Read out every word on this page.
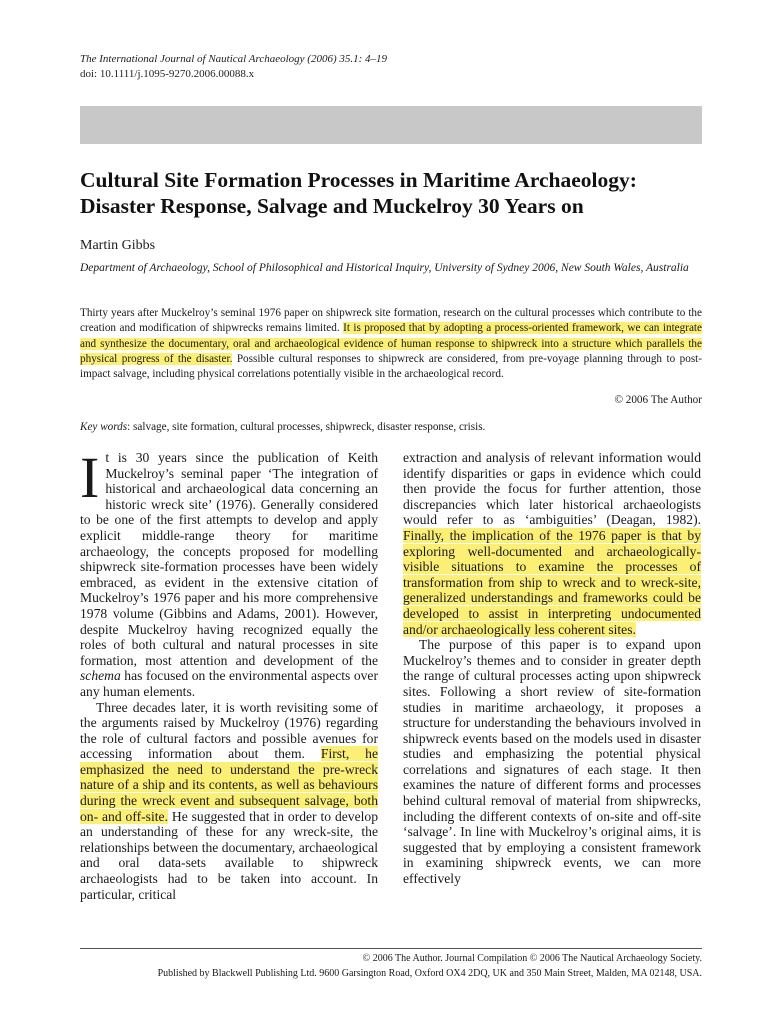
The International Journal of Nautical Archaeology (2006) 35.1: 4–19
doi: 10.1111/j.1095-9270.2006.00088.x
Cultural Site Formation Processes in Maritime Archaeology: Disaster Response, Salvage and Muckelroy 30 Years on
Martin Gibbs
Department of Archaeology, School of Philosophical and Historical Inquiry, University of Sydney 2006, New South Wales, Australia

Thirty years after Muckelroy’s seminal 1976 paper on shipwreck site formation, research on the cultural processes which contribute to the creation and modification of shipwrecks remains limited. It is proposed that by adopting a process-oriented framework, we can integrate and synthesize the documentary, oral and archaeological evidence of human response to shipwreck into a structure which parallels the physical progress of the disaster. Possible cultural responses to shipwreck are considered, from pre-voyage planning through to post-impact salvage, including physical correlations potentially visible in the archaeological record.

© 2006 The Author
Key words: salvage, site formation, cultural processes, shipwreck, disaster response, crisis.

It is 30 years since the publication of Keith Muckelroy’s seminal paper ‘The integration of historical and archaeological data concerning an historic wreck site’ (1976). Generally considered to be one of the first attempts to develop and apply explicit middle-range theory for maritime archaeology, the concepts proposed for modelling shipwreck site-formation processes have been widely embraced, as evident in the extensive citation of Muckelroy’s 1976 paper and his more comprehensive 1978 volume (Gibbins and Adams, 2001). However, despite Muckelroy having recognized equally the roles of both cultural and natural processes in site formation, most attention and development of the schema has focused on the environmental aspects over any human elements.

Three decades later, it is worth revisiting some of the arguments raised by Muckelroy (1976) regarding the role of cultural factors and possible avenues for accessing information about them. First, he emphasized the need to understand the pre-wreck nature of a ship and its contents, as well as behaviours during the wreck event and subsequent salvage, both on- and off-site. He suggested that in order to develop an understanding of these for any wreck-site, the relationships between the documentary, archaeological and oral data-sets available to shipwreck archaeologists had to be taken into account. In particular, critical

extraction and analysis of relevant information would identify disparities or gaps in evidence which could then provide the focus for further attention, those discrepancies which later historical archaeologists would refer to as ‘ambiguities’ (Deagan, 1982). Finally, the implication of the 1976 paper is that by exploring well-documented and archaeologically-visible situations to examine the processes of transformation from ship to wreck and to wreck-site, generalized understandings and frameworks could be developed to assist in interpreting undocumented and/or archaeologically less coherent sites.

The purpose of this paper is to expand upon Muckelroy’s themes and to consider in greater depth the range of cultural processes acting upon shipwreck sites. Following a short review of site-formation studies in maritime archaeology, it proposes a structure for understanding the behaviours involved in shipwreck events based on the models used in disaster studies and emphasizing the potential physical correlations and signatures of each stage. It then examines the nature of different forms and processes behind cultural removal of material from shipwrecks, including the different contexts of on-site and off-site ‘salvage’. In line with Muckelroy’s original aims, it is suggested that by employing a consistent framework in examining shipwreck events, we can more effectively

© 2006 The Author. Journal Compilation © 2006 The Nautical Archaeology Society.
Published by Blackwell Publishing Ltd. 9600 Garsington Road, Oxford OX4 2DQ, UK and 350 Main Street, Malden, MA 02148, USA.
